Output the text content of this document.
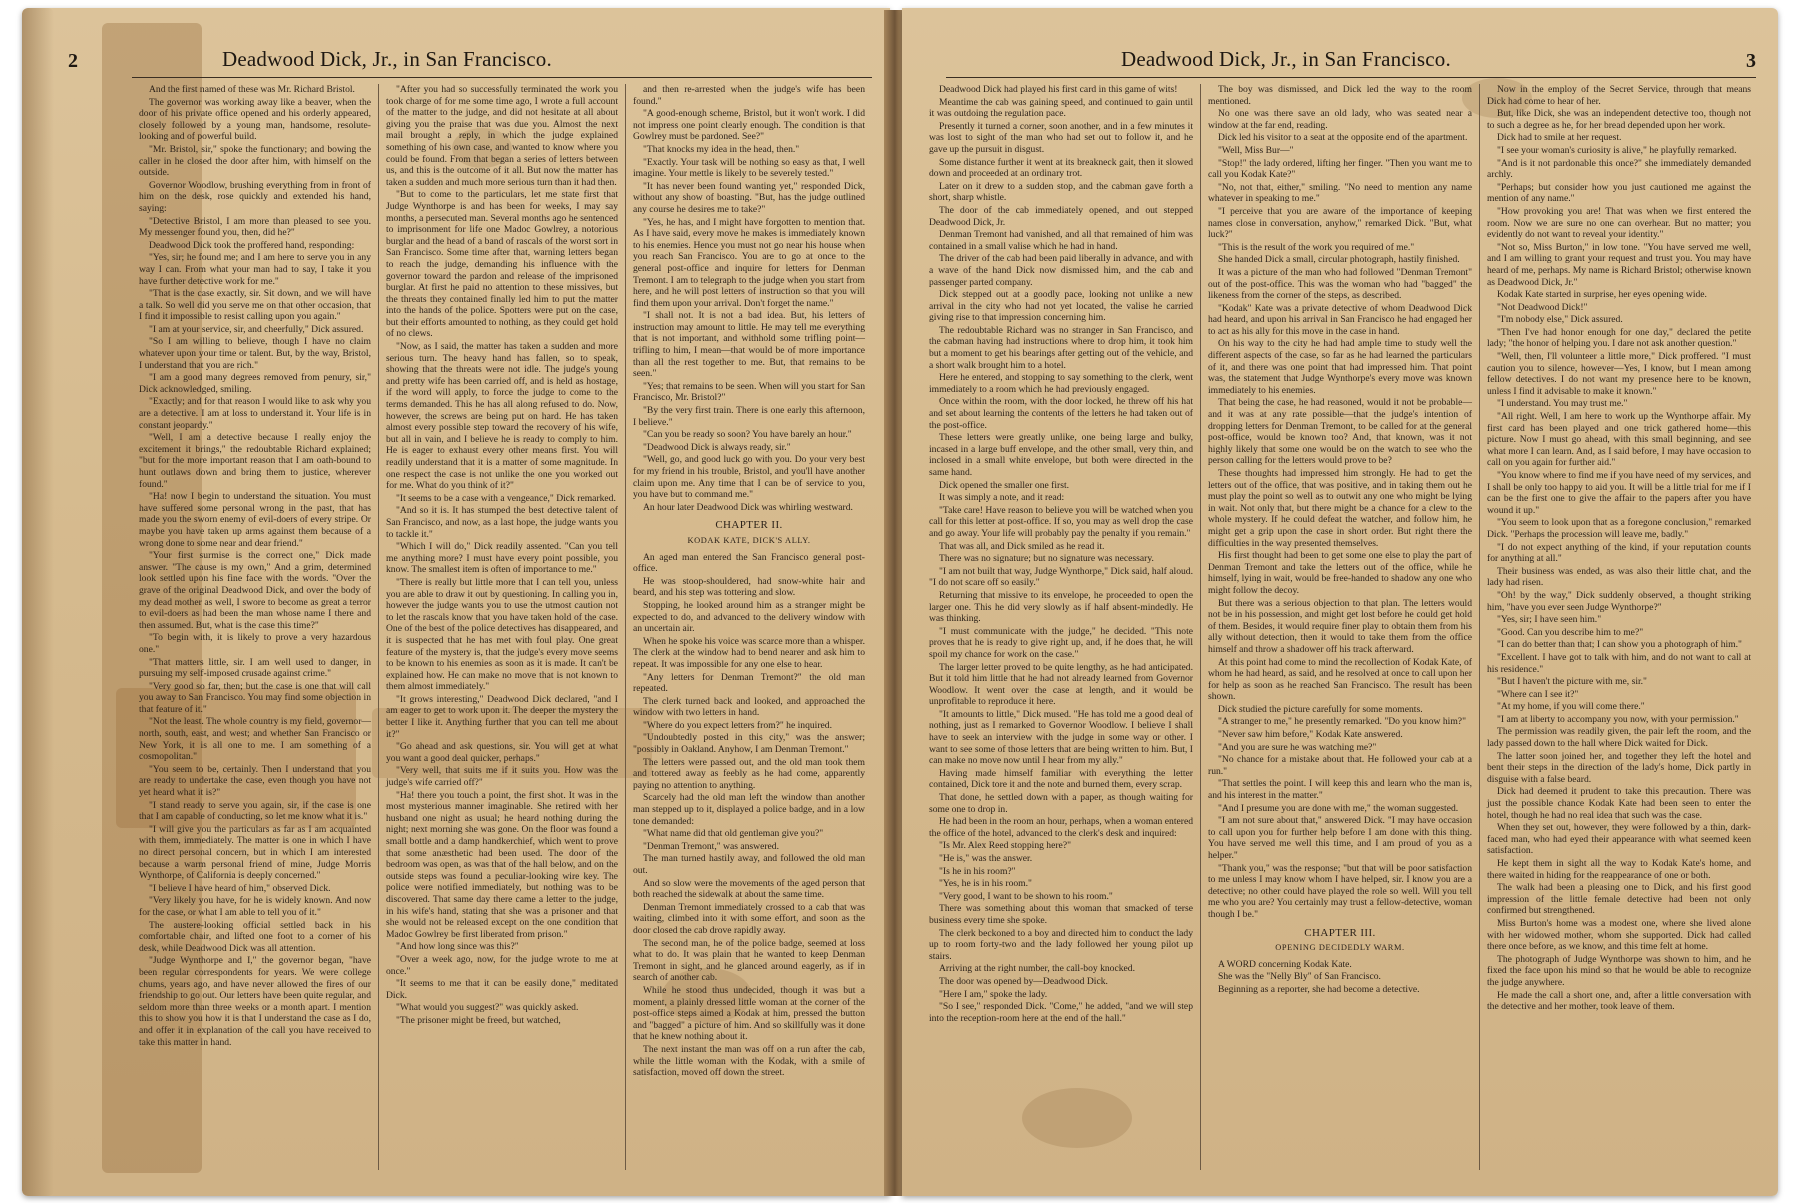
2	Deadwood Dick, Jr., in San Francisco.

And the first named of these was Mr. Richard Bristol.

The governor was working away like a beaver, when the door of his private office opened and his orderly appeared, closely followed by a young man, handsome, resolute-looking and of powerful build.

"Mr. Bristol, sir," spoke the functionary; and bowing the caller in he closed the door after him, with himself on the outside.

Governor Woodlow, brushing everything from in front of him on the desk, rose quickly and extended his hand, saying:

"Detective Bristol, I am more than pleased to see you. My messenger found you, then, did he?"

Deadwood Dick took the proffered hand, responding:

"Yes, sir; he found me; and I am here to serve you in any way I can. From what your man had to say, I take it you have further detective work for me."

"That is the case exactly, sir. Sit down, and we will have a talk. So well did you serve me on that other occasion, that I find it impossible to resist calling upon you again."

"I am at your service, sir, and cheerfully," Dick assured.

"So I am willing to believe, though I have no claim whatever upon your time or talent. But, by the way, Bristol, I understand that you are rich."

"I am a good many degrees removed from penury, sir," Dick acknowledged, smiling.

"Exactly; and for that reason I would like to ask why you are a detective. I am at loss to understand it. Your life is in constant jeopardy."

"Well, I am a detective because I really enjoy the excitement it brings," the redoubtable Richard explained; "but for the more important reason that I am oath-bound to hunt outlaws down and bring them to justice, wherever found."

"Ha! now I begin to understand the situation. You must have suffered some personal wrong in the past, that has made you the sworn enemy of evil-doers of every stripe. Or maybe you have taken up arms against them because of a wrong done to some near and dear friend."

"Your first surmise is the correct one," Dick made answer. "The cause is my own," And a grim, determined look settled upon his fine face with the words. "Over the grave of the original Deadwood Dick, and over the body of my dead mother as well, I swore to become as great a terror to evil-doers as had been the man whose name I there and then assumed. But, what is the case this time?"

"To begin with, it is likely to prove a very hazardous one."

"That matters little, sir. I am well used to danger, in pursuing my self-imposed crusade against crime."

"Very good so far, then; but the case is one that will call you away to San Francisco. You may find some objection in that feature of it."

"Not the least. The whole country is my field, governor—north, south, east, and west; and whether San Francisco or New York, it is all one to me. I am something of a cosmopolitan."

"You seem to be, certainly. Then I understand that you are ready to undertake the case, even though you have not yet heard what it is?"

"I stand ready to serve you again, sir, if the case is one that I am capable of conducting, so let me know what it is."

"I will give you the particulars as far as I am acquainted with them, immediately. The matter is one in which I have no direct personal concern, but in which I am interested because a warm personal friend of mine, Judge Morris Wynthorpe, of California is deeply concerned."

"I believe I have heard of him," observed Dick.

"Very likely you have, for he is widely known. And now for the case, or what I am able to tell you of it."

The austere-looking official settled back in his comfortable chair, and lifted one foot to a corner of his desk, while Deadwood Dick was all attention.

"Judge Wynthorpe and I," the governor began, "have been regular correspondents for years. We were college chums, years ago, and have never allowed the fires of our friendship to go out. Our letters have been quite regular, and seldom more than three weeks or a month apart. I mention this to show you how it is that I understand the case as I do, and offer it in explanation of the call you have received to take this matter in hand.

"After you had so successfully terminated the work you took charge of for me some time ago, I wrote a full account of the matter to the judge, and did not hesitate at all about giving you the praise that was due you. Almost the next mail brought a reply, in which the judge explained something of his own case, and wanted to know where you could be found. From that began a series of letters between us, and this is the outcome of it all. But now the matter has taken a sudden and much more serious turn than it had then.

"But to come to the particulars, let me state first that Judge Wynthorpe is and has been for weeks, I may say months, a persecuted man. Several months ago he sentenced to imprisonment for life one Madoc Gowlrey, a notorious burglar and the head of a band of rascals of the worst sort in San Francisco. Some time after that, warning letters began to reach the judge, demanding his influence with the governor toward the pardon and release of the imprisoned burglar. At first he paid no attention to these missives, but the threats they contained finally led him to put the matter into the hands of the police. Spotters were put on the case, but their efforts amounted to nothing, as they could get hold of no clews.

"Now, as I said, the matter has taken a sudden and more serious turn. The heavy hand has fallen, so to speak, showing that the threats were not idle. The judge's young and pretty wife has been carried off, and is held as hostage, if the word will apply, to force the judge to come to the terms demanded. This he has all along refused to do. Now, however, the screws are being put on hard. He has taken almost every possible step toward the recovery of his wife, but all in vain, and I believe he is ready to comply to him. He is eager to exhaust every other means first. You will readily understand that it is a matter of some magnitude. In one respect the case is not unlike the one you worked out for me. What do you think of it?"

"It seems to be a case with a vengeance," Dick remarked.

"And so it is. It has stumped the best detective talent of San Francisco, and now, as a last hope, the judge wants you to tackle it."

"Which I will do," Dick readily assented. "Can you tell me anything more? I must have every point possible, you know. The smallest item is often of importance to me."

"There is really but little more that I can tell you, unless you are able to draw it out by questioning. In calling you in, however the judge wants you to use the utmost caution not to let the rascals know that you have taken hold of the case. One of the best of the police detectives has disappeared, and it is suspected that he has met with foul play. One great feature of the mystery is, that the judge's every move seems to be known to his enemies as soon as it is made. It can't be explained how. He can make no move that is not known to them almost immediately."

"It grows interesting," Deadwood Dick declared, "and I am eager to get to work upon it. The deeper the mystery the better I like it. Anything further that you can tell me about it?"

"Go ahead and ask questions, sir. You will get at what you want a good deal quicker, perhaps."

"Very well, that suits me if it suits you. How was the judge's wife carried off?"

"Ha! there you touch a point, the first shot. It was in the most mysterious manner imaginable. She retired with her husband one night as usual; he heard nothing during the night; next morning she was gone. On the floor was found a small bottle and a damp handkerchief, which went to prove that some anæsthetic had been used. The door of the bedroom was open, as was that of the hall below, and on the outside steps was found a peculiar-looking wire key. The police were notified immediately, but nothing was to be discovered. That same day there came a letter to the judge, in his wife's hand, stating that she was a prisoner and that she would not be released except on the one condition that Madoc Gowlrey be first liberated from prison."

"And how long since was this?"

"Over a week ago, now, for the judge wrote to me at once."

"It seems to me that it can be easily done," meditated Dick.

"What would you suggest?" was quickly asked.

"The prisoner might be freed, but watched,

and then re-arrested when the judge's wife has been found."

"A good-enough scheme, Bristol, but it won't work. I did not impress one point clearly enough. The condition is that Gowlrey must be pardoned. See?"

"That knocks my idea in the head, then."

"Exactly. Your task will be nothing so easy as that, I well imagine. Your mettle is likely to be severely tested."

"It has never been found wanting yet," responded Dick, without any show of boasting. "But, has the judge outlined any course he desires me to take?"

"Yes, he has, and I might have forgotten to mention that. As I have said, every move he makes is immediately known to his enemies. Hence you must not go near his house when you reach San Francisco. You are to go at once to the general post-office and inquire for letters for Denman Tremont. I am to telegraph to the judge when you start from here, and he will post letters of instruction so that you will find them upon your arrival. Don't forget the name."

"I shall not. It is not a bad idea. But, his letters of instruction may amount to little. He may tell me everything that is not important, and withhold some trifling point—trifling to him, I mean—that would be of more importance than all the rest together to me. But, that remains to be seen."

"Yes; that remains to be seen. When will you start for San Francisco, Mr. Bristol?"

"By the very first train. There is one early this afternoon, I believe."

"Can you be ready so soon? You have barely an hour."

"Deadwood Dick is always ready, sir."

"Well, go, and good luck go with you. Do your very best for my friend in his trouble, Bristol, and you'll have another claim upon me. Any time that I can be of service to you, you have but to command me."

An hour later Deadwood Dick was whirling westward.

CHAPTER II.

KODAK KATE, DICK'S ALLY.

An aged man entered the San Francisco general post-office.

He was stoop-shouldered, had snow-white hair and beard, and his step was tottering and slow.

Stopping, he looked around him as a stranger might be expected to do, and advanced to the delivery window with an uncertain air.

When he spoke his voice was scarce more than a whisper. The clerk at the window had to bend nearer and ask him to repeat. It was impossible for any one else to hear.

"Any letters for Denman Tremont?" the old man repeated.

The clerk turned back and looked, and approached the window with two letters in hand.

"Where do you expect letters from?" he inquired.

"Undoubtedly posted in this city," was the answer; "possibly in Oakland. Anyhow, I am Denman Tremont."

The letters were passed out, and the old man took them and tottered away as feebly as he had come, apparently paying no attention to anything.

Scarcely had the old man left the window than another man stepped up to it, displayed a police badge, and in a low tone demanded:

"What name did that old gentleman give you?"

"Denman Tremont," was answered.

The man turned hastily away, and followed the old man out.

And so slow were the movements of the aged person that both reached the sidewalk at about the same time.

Denman Tremont immediately crossed to a cab that was waiting, climbed into it with some effort, and soon as the door closed the cab drove rapidly away.

The second man, he of the police badge, seemed at loss what to do. It was plain that he wanted to keep Denman Tremont in sight, and he glanced around eagerly, as if in search of another cab.

While he stood thus undecided, though it was but a moment, a plainly dressed little woman at the corner of the post-office steps aimed a Kodak at him, pressed the button and "bagged" a picture of him. And so skillfully was it done that he knew nothing about it.

The next instant the man was off on a run after the cab, while the little woman with the Kodak, with a smile of satisfaction, moved off down the street.

Deadwood Dick, Jr., in San Francisco.	3

Deadwood Dick had played his first card in this game of wits!

Meantime the cab was gaining speed, and continued to gain until it was outdoing the regulation pace.

Presently it turned a corner, soon another, and in a few minutes it was lost to sight of the man who had set out to follow it, and he gave up the pursuit in disgust.

Some distance further it went at its breakneck gait, then it slowed down and proceeded at an ordinary trot.

Later on it drew to a sudden stop, and the cabman gave forth a short, sharp whistle.

The door of the cab immediately opened, and out stepped Deadwood Dick, Jr.

Denman Tremont had vanished, and all that remained of him was contained in a small valise which he had in hand.

The driver of the cab had been paid liberally in advance, and with a wave of the hand Dick now dismissed him, and the cab and passenger parted company.

Dick stepped out at a goodly pace, looking not unlike a new arrival in the city who had not yet located, the valise he carried giving rise to that impression concerning him.

The redoubtable Richard was no stranger in San Francisco, and the cabman having had instructions where to drop him, it took him but a moment to get his bearings after getting out of the vehicle, and a short walk brought him to a hotel.

Here he entered, and stopping to say something to the clerk, went immediately to a room which he had previously engaged.

Once within the room, with the door locked, he threw off his hat and set about learning the contents of the letters he had taken out of the post-office.

These letters were greatly unlike, one being large and bulky, incased in a large buff envelope, and the other small, very thin, and inclosed in a small white envelope, but both were directed in the same hand.

Dick opened the smaller one first.

It was simply a note, and it read:

"Take care! Have reason to believe you will be watched when you call for this letter at post-office. If so, you may as well drop the case and go away. Your life will probably pay the penalty if you remain."

That was all, and Dick smiled as he read it.

There was no signature; but no signature was necessary.

"I am not built that way, Judge Wynthorpe," Dick said, half aloud. "I do not scare off so easily."

Returning that missive to its envelope, he proceeded to open the larger one. This he did very slowly as if half absent-mindedly. He was thinking.

"I must communicate with the judge," he decided. "This note proves that he is ready to give right up, and, if he does that, he will spoil my chance for work on the case."

The larger letter proved to be quite lengthy, as he had anticipated. But it told him little that he had not already learned from Governor Woodlow. It went over the case at length, and it would be unprofitable to reproduce it here.

"It amounts to little," Dick mused. "He has told me a good deal of nothing, just as I remarked to Governor Woodlow. I believe I shall have to seek an interview with the judge in some way or other. I want to see some of those letters that are being written to him. But, I can make no move now until I hear from my ally."

Having made himself familiar with everything the letter contained, Dick tore it and the note and burned them, every scrap.

That done, he settled down with a paper, as though waiting for some one to drop in.

He had been in the room an hour, perhaps, when a woman entered the office of the hotel, advanced to the clerk's desk and inquired:

"Is Mr. Alex Reed stopping here?"

"He is," was the answer.

"Is he in his room?"

"Yes, he is in his room."

"Very good, I want to be shown to his room."

There was something about this woman that smacked of terse business every time she spoke.

The clerk beckoned to a boy and directed him to conduct the lady up to room forty-two and the lady followed her young pilot up stairs.

Arriving at the right number, the call-boy knocked.

The door was opened by—Deadwood Dick.

"Here I am," spoke the lady.

"So I see," responded Dick. "Come," he added, "and we will step into the reception-room here at the end of the hall."

The boy was dismissed, and Dick led the way to the room mentioned.

No one was there save an old lady, who was seated near a window at the far end, reading.

Dick led his visitor to a seat at the opposite end of the apartment.

"Well, Miss Bur—"

"Stop!" the lady ordered, lifting her finger. "Then you want me to call you Kodak Kate?"

"No, not that, either," smiling. "No need to mention any name whatever in speaking to me."

"I perceive that you are aware of the importance of keeping names close in conversation, anyhow," remarked Dick. "But, what luck?"

"This is the result of the work you required of me."

She handed Dick a small, circular photograph, hastily finished.

It was a picture of the man who had followed "Denman Tremont" out of the post-office. This was the woman who had "bagged" the likeness from the corner of the steps, as described.

"Kodak" Kate was a private detective of whom Deadwood Dick had heard, and upon his arrival in San Francisco he had engaged her to act as his ally for this move in the case in hand.

On his way to the city he had had ample time to study well the different aspects of the case, so far as he had learned the particulars of it, and there was one point that had impressed him. That point was, the statement that Judge Wynthorpe's every move was known immediately to his enemies.

That being the case, he had reasoned, would it not be probable—and it was at any rate possible—that the judge's intention of dropping letters for Denman Tremont, to be called for at the general post-office, would be known too? And, that known, was it not highly likely that some one would be on the watch to see who the person calling for the letters would prove to be?

These thoughts had impressed him strongly. He had to get the letters out of the office, that was positive, and in taking them out he must play the point so well as to outwit any one who might be lying in wait. Not only that, but there might be a chance for a clew to the whole mystery. If he could defeat the watcher, and follow him, he might get a grip upon the case in short order. But right there the difficulties in the way presented themselves.

His first thought had been to get some one else to play the part of Denman Tremont and take the letters out of the office, while he himself, lying in wait, would be free-handed to shadow any one who might follow the decoy.

But there was a serious objection to that plan. The letters would not be in his possession, and might get lost before he could get hold of them. Besides, it would require finer play to obtain them from his ally without detection, then it would to take them from the office himself and throw a shadower off his track afterward.

At this point had come to mind the recollection of Kodak Kate, of whom he had heard, as said, and he resolved at once to call upon her for help as soon as he reached San Francisco. The result has been shown.

Dick studied the picture carefully for some moments.

"A stranger to me," he presently remarked. "Do you know him?"

"Never saw him before," Kodak Kate answered.

"And you are sure he was watching me?"

"No chance for a mistake about that. He followed your cab at a run."

"That settles the point. I will keep this and learn who the man is, and his interest in the matter."

"And I presume you are done with me," the woman suggested.

"I am not sure about that," answered Dick. "I may have occasion to call upon you for further help before I am done with this thing. You have served me well this time, and I am proud of you as a helper."

"Thank you," was the response; "but that will be poor satisfaction to me unless I may know whom I have helped, sir. I know you are a detective; no other could have played the role so well. Will you tell me who you are? You certainly may trust a fellow-detective, woman though I be."

CHAPTER III.

OPENING DECIDEDLY WARM.

A WORD concerning Kodak Kate.

She was the "Nelly Bly" of San Francisco.

Beginning as a reporter, she had become a detective.

Now in the employ of the Secret Service, through that means Dick had come to hear of her.

But, like Dick, she was an independent detective too, though not to such a degree as he, for her bread depended upon her work.

Dick had to smile at her request.

"I see your woman's curiosity is alive," he playfully remarked.

"And is it not pardonable this once?" she immediately demanded archly.

"Perhaps; but consider how you just cautioned me against the mention of any name."

"How provoking you are! That was when we first entered the room. Now we are sure no one can overhear. But no matter; you evidently do not want to reveal your identity."

"Not so, Miss Burton," in low tone. "You have served me well, and I am willing to grant your request and trust you. You may have heard of me, perhaps. My name is Richard Bristol; otherwise known as Deadwood Dick, Jr."

Kodak Kate started in surprise, her eyes opening wide.

"Not Deadwood Dick!"

"I'm nobody else," Dick assured.

"Then I've had honor enough for one day," declared the petite lady; "the honor of helping you. I dare not ask another question."

"Well, then, I'll volunteer a little more," Dick proffered. "I must caution you to silence, however—Yes, I know, but I mean among fellow detectives. I do not want my presence here to be known, unless I find it advisable to make it known."

"I understand. You may trust me."

"All right. Well, I am here to work up the Wynthorpe affair. My first card has been played and one trick gathered home—this picture. Now I must go ahead, with this small beginning, and see what more I can learn. And, as I said before, I may have occasion to call on you again for further aid."

"You know where to find me if you have need of my services, and I shall be only too happy to aid you. It will be a little trial for me if I can be the first one to give the affair to the papers after you have wound it up."

"You seem to look upon that as a foregone conclusion," remarked Dick. "Perhaps the procession will leave me, badly."

"I do not expect anything of the kind, if your reputation counts for anything at all."

Their business was ended, as was also their little chat, and the lady had risen.

"Oh! by the way," Dick suddenly observed, a thought striking him, "have you ever seen Judge Wynthorpe?"

"Yes, sir; I have seen him."

"Good. Can you describe him to me?"

"I can do better than that; I can show you a photograph of him."

"Excellent. I have got to talk with him, and do not want to call at his residence."

"But I haven't the picture with me, sir."

"Where can I see it?"

"At my home, if you will come there."

"I am at liberty to accompany you now, with your permission."

The permission was readily given, the pair left the room, and the lady passed down to the hall where Dick waited for Dick.

The latter soon joined her, and together they left the hotel and bent their steps in the direction of the lady's home, Dick partly in disguise with a false beard.

Dick had deemed it prudent to take this precaution. There was just the possible chance Kodak Kate had been seen to enter the hotel, though he had no real idea that such was the case.

When they set out, however, they were followed by a thin, dark-faced man, who had eyed their appearance with what seemed keen satisfaction.

He kept them in sight all the way to Kodak Kate's home, and there waited in hiding for the reappearance of one or both.

The walk had been a pleasing one to Dick, and his first good impression of the little female detective had been not only confirmed but strengthened.

Miss Burton's home was a modest one, where she lived alone with her widowed mother, whom she supported. Dick had called there once before, as we know, and this time felt at home.

The photograph of Judge Wynthorpe was shown to him, and he fixed the face upon his mind so that he would be able to recognize the judge anywhere.

He made the call a short one, and, after a little conversation with the detective and her mother, took leave of them.
